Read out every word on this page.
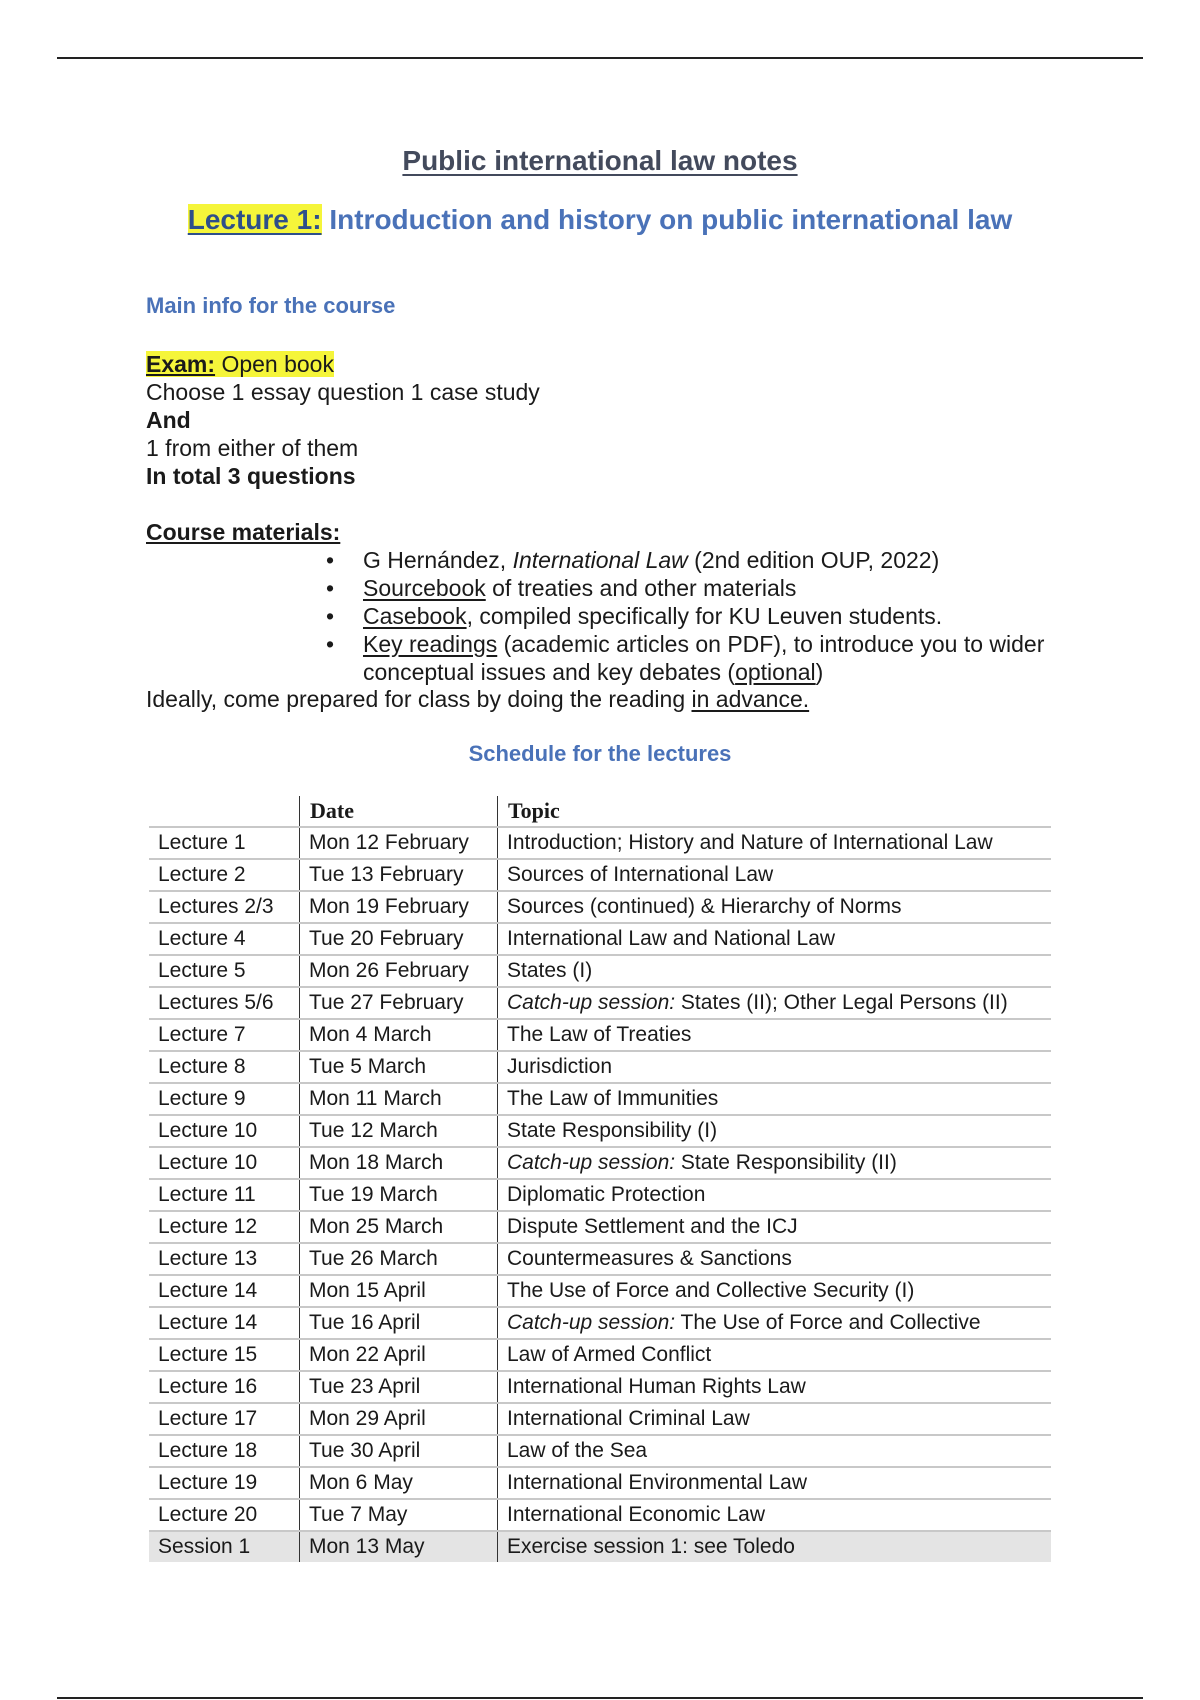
Public international law notes
Lecture 1: Introduction and history on public international law
Main info for the course
Exam: Open book
Choose 1 essay question 1 case study
And
1 from either of them
In total 3 questions
Course materials:
• G Hernández, International Law (2nd edition OUP, 2022)
• Sourcebook of treaties and other materials
• Casebook, compiled specifically for KU Leuven students.
• Key readings (academic articles on PDF), to introduce you to wider conceptual issues and key debates (optional)
Ideally, come prepared for class by doing the reading in advance.
Schedule for the lectures
	Date	Topic
Lecture 1	Mon 12 February	Introduction; History and Nature of International Law
Lecture 2	Tue 13 February	Sources of International Law
Lectures 2/3	Mon 19 February	Sources (continued) & Hierarchy of Norms
Lecture 4	Tue 20 February	International Law and National Law
Lecture 5	Mon 26 February	States (I)
Lectures 5/6	Tue 27 February	Catch-up session: States (II); Other Legal Persons (II)
Lecture 7	Mon 4 March	The Law of Treaties
Lecture 8	Tue 5 March	Jurisdiction
Lecture 9	Mon 11 March	The Law of Immunities
Lecture 10	Tue 12 March	State Responsibility (I)
Lecture 10	Mon 18 March	Catch-up session: State Responsibility (II)
Lecture 11	Tue 19 March	Diplomatic Protection
Lecture 12	Mon 25 March	Dispute Settlement and the ICJ
Lecture 13	Tue 26 March	Countermeasures & Sanctions
Lecture 14	Mon 15 April	The Use of Force and Collective Security (I)
Lecture 14	Tue 16 April	Catch-up session: The Use of Force and Collective
Lecture 15	Mon 22 April	Law of Armed Conflict
Lecture 16	Tue 23 April	International Human Rights Law
Lecture 17	Mon 29 April	International Criminal Law
Lecture 18	Tue 30 April	Law of the Sea
Lecture 19	Mon 6 May	International Environmental Law
Lecture 20	Tue 7 May	International Economic Law
Session 1	Mon 13 May	Exercise session 1: see Toledo
